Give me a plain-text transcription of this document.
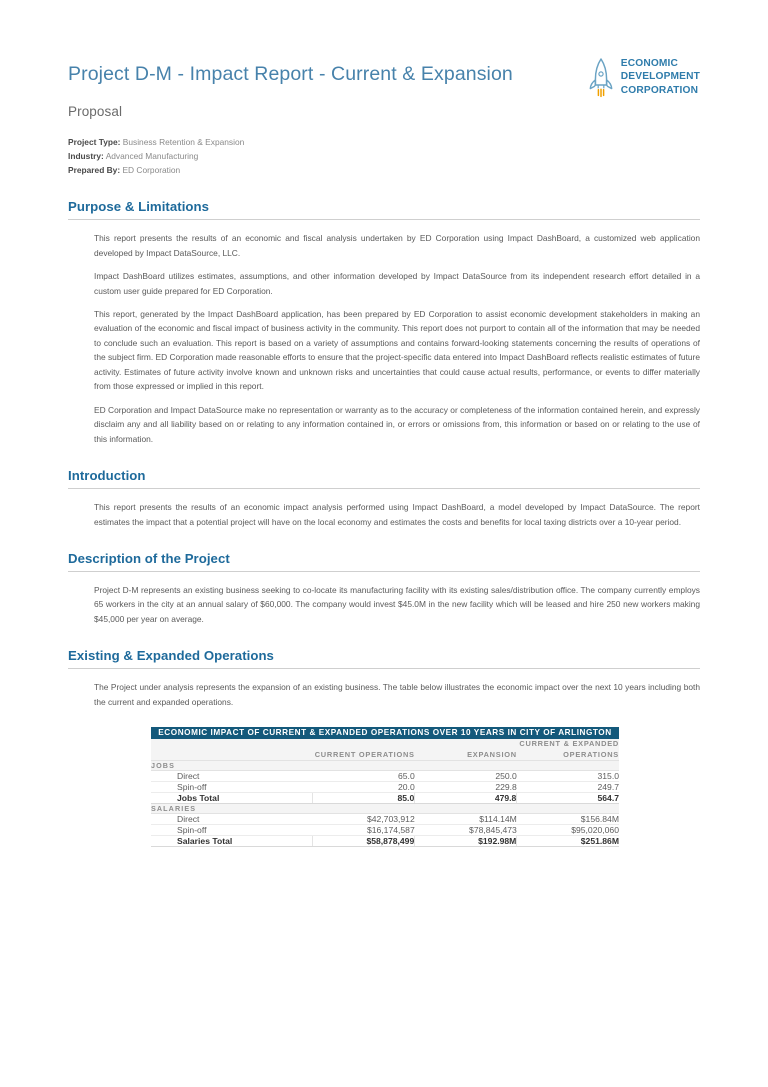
Project D-M - Impact Report - Current & Expansion
Proposal
Project Type: Business Retention & Expansion
Industry: Advanced Manufacturing
Prepared By: ED Corporation
ECONOMIC
DEVELOPMENT
CORPORATION
Purpose & Limitations

This report presents the results of an economic and fiscal analysis undertaken by ED Corporation using Impact DashBoard, a customized web application developed by Impact DataSource, LLC.

Impact DashBoard utilizes estimates, assumptions, and other information developed by Impact DataSource from its independent research effort detailed in a custom user guide prepared for ED Corporation.

This report, generated by the Impact DashBoard application, has been prepared by ED Corporation to assist economic development stakeholders in making an evaluation of the economic and fiscal impact of business activity in the community. This report does not purport to contain all of the information that may be needed to conclude such an evaluation. This report is based on a variety of assumptions and contains forward-looking statements concerning the results of operations of the subject firm. ED Corporation made reasonable efforts to ensure that the project-specific data entered into Impact DashBoard reflects realistic estimates of future activity. Estimates of future activity involve known and unknown risks and uncertainties that could cause actual results, performance, or events to differ materially from those expressed or implied in this report.

ED Corporation and Impact DataSource make no representation or warranty as to the accuracy or completeness of the information contained herein, and expressly disclaim any and all liability based on or relating to any information contained in, or errors or omissions from, this information or based on or relating to the use of this information.

Introduction

This report presents the results of an economic impact analysis performed using Impact DashBoard, a model developed by Impact DataSource. The report estimates the impact that a potential project will have on the local economy and estimates the costs and benefits for local taxing districts over a 10-year period.

Description of the Project

Project D-M represents an existing business seeking to co-locate its manufacturing facility with its existing sales/distribution office. The company currently employs 65 workers in the city at an annual salary of $60,000. The company would invest $45.0M in the new facility which will be leased and hire 250 new workers making $45,000 per year on average.

Existing & Expanded Operations

The Project under analysis represents the expansion of an existing business. The table below illustrates the economic impact over the next 10 years including both the current and expanded operations.

ECONOMIC IMPACT OF CURRENT & EXPANDED OPERATIONS OVER 10 YEARS IN CITY OF ARLINGTON			
	CURRENT OPERATIONS	EXPANSION	CURRENT & EXPANDED OPERATIONS
JOBS			
Direct	65.0	250.0	315.0
Spin-off	20.0	229.8	249.7
Jobs Total	85.0	479.8	564.7
SALARIES			
Direct	$42,703,912	$114.14M	$156.84M
Spin-off	$16,174,587	$78,845,473	$95,020,060
Salaries Total	$58,878,499	$192.98M	$251.86M
